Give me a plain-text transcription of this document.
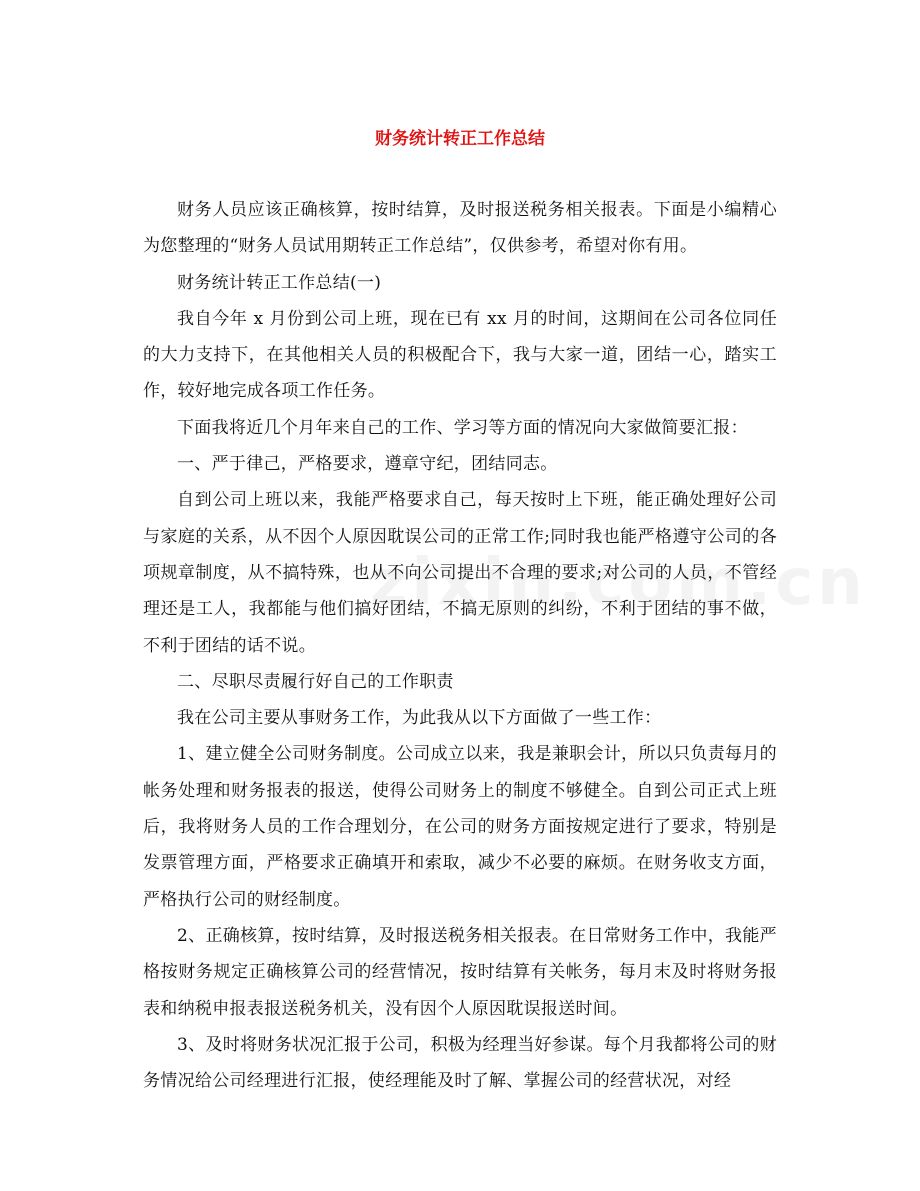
财务统计转正工作总结

财务人员应该正确核算，按时结算，及时报送税务相关报表。下面是小编精心为您整理的“财务人员试用期转正工作总结”，仅供参考，希望对你有用。

财务统计转正工作总结(一)

我自今年 x 月份到公司上班，现在已有 xx 月的时间，这期间在公司各位同任的大力支持下，在其他相关人员的积极配合下，我与大家一道，团结一心，踏实工作，较好地完成各项工作任务。

下面我将近几个月年来自己的工作、学习等方面的情况向大家做简要汇报：

一、严于律己，严格要求，遵章守纪，团结同志。

自到公司上班以来，我能严格要求自己，每天按时上下班，能正确处理好公司与家庭的关系，从不因个人原因耽误公司的正常工作;同时我也能严格遵守公司的各项规章制度，从不搞特殊，也从不向公司提出不合理的要求;对公司的人员，不管经理还是工人，我都能与他们搞好团结，不搞无原则的纠纷，不利于团结的事不做，不利于团结的话不说。

二、尽职尽责履行好自己的工作职责

我在公司主要从事财务工作，为此我从以下方面做了一些工作：

1、建立健全公司财务制度。公司成立以来，我是兼职会计，所以只负责每月的帐务处理和财务报表的报送，使得公司财务上的制度不够健全。自到公司正式上班后，我将财务人员的工作合理划分，在公司的财务方面按规定进行了要求，特别是发票管理方面，严格要求正确填开和索取，减少不必要的麻烦。在财务收支方面，严格执行公司的财经制度。

2、正确核算，按时结算，及时报送税务相关报表。在日常财务工作中，我能严格按财务规定正确核算公司的经营情况，按时结算有关帐务，每月末及时将财务报表和纳税申报表报送税务机关，没有因个人原因耽误报送时间。

3、及时将财务状况汇报于公司，积极为经理当好参谋。每个月我都将公司的财务情况给公司经理进行汇报，使经理能及时了解、掌握公司的经营状况，对经
